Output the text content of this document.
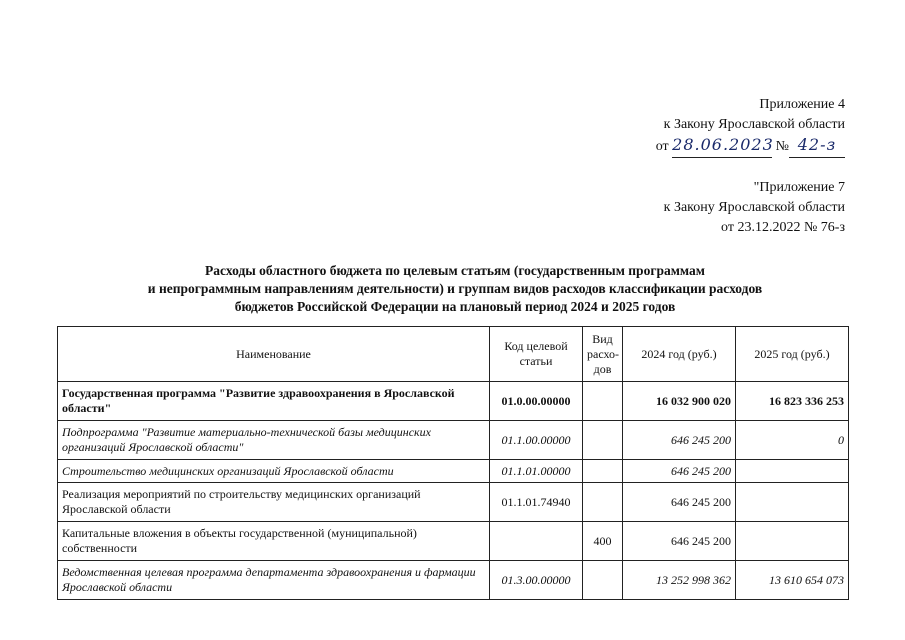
Приложение 4
к Закону Ярославской области
от 28.06.2023 № 42-з
"Приложение 7
к Закону Ярославской области
от 23.12.2022 № 76-з
Расходы областного бюджета по целевым статьям (государственным программам
и непрограммным направлениям деятельности) и группам видов расходов классификации расходов
бюджетов Российской Федерации на плановый период 2024 и 2025 годов
Наименование	Код целевой статьи	Вид расхо-дов	2024 год (руб.)	2025 год (руб.)
Государственная программа "Развитие здравоохранения в Ярославской области"	01.0.00.00000		16 032 900 020	16 823 336 253
Подпрограмма "Развитие материально-технической базы медицинских организаций Ярославской области"	01.1.00.00000		646 245 200	0
Строительство медицинских организаций Ярославской области	01.1.01.00000		646 245 200	
Реализация мероприятий по строительству медицинских организаций Ярославской области	01.1.01.74940		646 245 200	
Капитальные вложения в объекты государственной (муниципальной) собственности		400	646 245 200	
Ведомственная целевая программа департамента здравоохранения и фармации Ярославской области	01.3.00.00000		13 252 998 362	13 610 654 073
